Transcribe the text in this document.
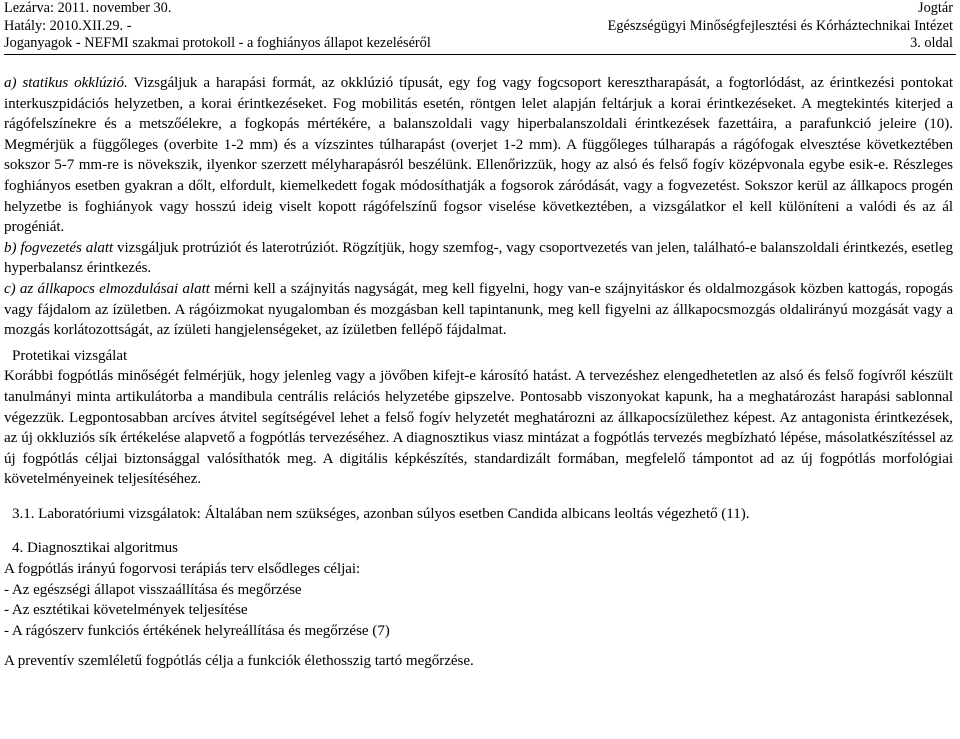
Lezárva: 2011. november 30.	Jogtár
Hatály: 2010.XII.29. -	Egészségügyi Minőségfejlesztési és Kórháztechnikai Intézet
Joganyagok - NEFMI szakmai protokoll - a foghiányos állapot kezeléséről	3. oldal

a) statikus okklúzió. Vizsgáljuk a harapási formát, az okklúzió típusát, egy fog vagy fogcsoport keresztharapását, a fogtorlódást, az érintkezési pontokat interkuszpidációs helyzetben, a korai érintkezéseket. Fog mobilitás esetén, röntgen lelet alapján feltárjuk a korai érintkezéseket. A megtekintés kiterjed a rágófelszínekre és a metszőélekre, a fogkopás mértékére, a balanszoldali vagy hiperbalanszoldali érintkezések fazettáira, a parafunkció jeleire (10). Megmérjük a függőleges (overbite 1-2 mm) és a vízszintes túlharapást (overjet 1-2 mm). A függőleges túlharapás a rágófogak elvesztése következtében sokszor 5-7 mm-re is növekszik, ilyenkor szerzett mélyharapásról beszélünk. Ellenőrizzük, hogy az alsó és felső fogív középvonala egybe esik-e. Részleges foghiányos esetben gyakran a dőlt, elfordult, kiemelkedett fogak módosíthatják a fogsorok záródását, vagy a fogvezetést. Sokszor kerül az állkapocs progén helyzetbe is foghiányok vagy hosszú ideig viselt kopott rágófelszínű fogsor viselése következtében, a vizsgálatkor el kell különíteni a valódi és az ál progéniát.

b) fogvezetés alatt vizsgáljuk protrúziót és laterotrúziót. Rögzítjük, hogy szemfog-, vagy csoportvezetés van jelen, található-e balanszoldali érintkezés, esetleg hyperbalansz érintkezés.

c) az állkapocs elmozdulásai alatt mérni kell a szájnyitás nagyságát, meg kell figyelni, hogy van-e szájnyitáskor és oldalmozgások közben kattogás, ropogás vagy fájdalom az ízületben. A rágóizmokat nyugalomban és mozgásban kell tapintanunk, meg kell figyelni az állkapocsmozgás oldalirányú mozgását vagy a mozgás korlátozottságát, az ízületi hangjelenségeket, az ízületben fellépő fájdalmat.

Protetikai vizsgálat

Korábbi fogpótlás minőségét felmérjük, hogy jelenleg vagy a jövőben kifejt-e károsító hatást. A tervezéshez elengedhetetlen az alsó és felső fogívről készült tanulmányi minta artikulátorba a mandibula centrális relációs helyzetébe gipszelve. Pontosabb viszonyokat kapunk, ha a meghatározást harapási sablonnal végezzük. Legpontosabban arcíves átvitel segítségével lehet a felső fogív helyzetét meghatározni az állkapocsízülethez képest. Az antagonista érintkezések, az új okkluziós sík értékelése alapvető a fogpótlás tervezéséhez. A diagnosztikus viasz mintázat a fogpótlás tervezés megbízható lépése, másolatkészítéssel az új fogpótlás céljai biztonsággal valósíthatók meg. A digitális képkészítés, standardizált formában, megfelelő támpontot ad az új fogpótlás morfológiai követelményeinek teljesítéséhez.

3.1. Laboratóriumi vizsgálatok: Általában nem szükséges, azonban súlyos esetben Candida albicans leoltás végezhető (11).

4. Diagnosztikai algoritmus

A fogpótlás irányú fogorvosi terápiás terv elsődleges céljai:

- Az egészségi állapot visszaállítása és megőrzése

- Az esztétikai követelmények teljesítése

- A rágószerv funkciós értékének helyreállítása és megőrzése (7)

A preventív szemléletű fogpótlás célja a funkciók élethosszig tartó megőrzése.
